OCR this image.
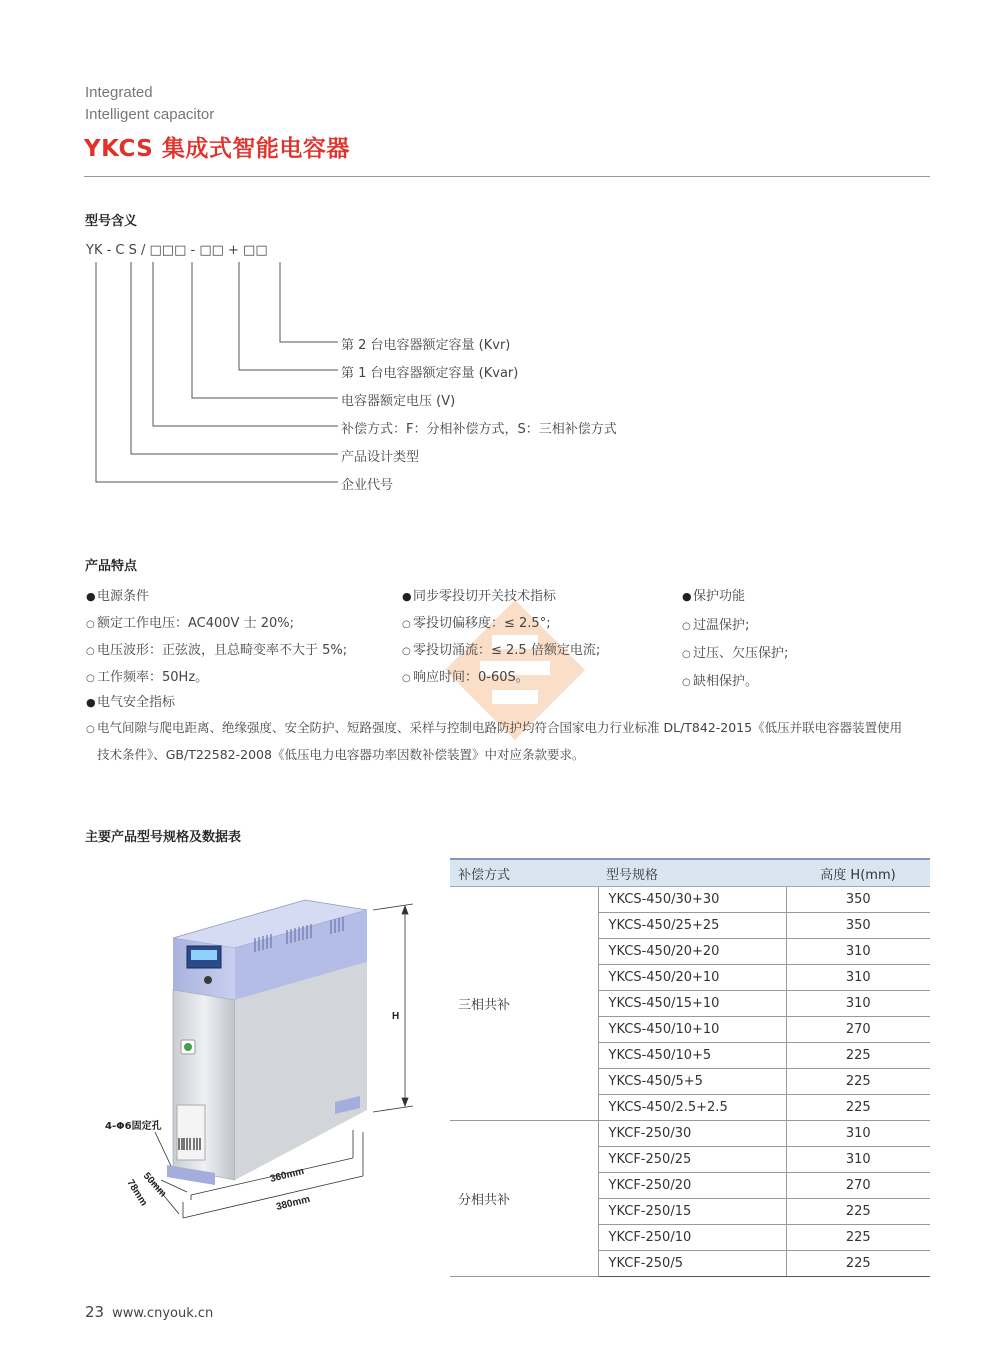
Integrated
Intelligent capacitor
YKCS 集成式智能电容器
型号含义
YK - C S / □□□ - □□ + □□
第 2 台电容器额定容量 (Kvr)
第 1 台电容器额定容量 (Kvar)
电容器额定电压 (V)
补偿方式：F：分相补偿方式，S：三相补偿方式
产品设计类型
企业代号
产品特点
●电源条件
○ 额定工作电压：AC400V 士 20%;
○ 电压波形：正弦波，且总畸变率不大于 5%;
○ 工作频率：50Hz。
●同步零投切开关技术指标
○ 零投切偏移度：≤ 2.5°;
○ 零投切涌流：≤ 2.5 倍额定电流;
○ 响应时间：0-60S。
●保护功能
○ 过温保护;
○ 过压、欠压保护;
○ 缺相保护。
●电气安全指标
○ 电气间隙与爬电距离、绝缘强度、安全防护、短路强度、采样与控制电路防护均符合国家电力行业标准 DL/T842-2015《低压并联电容器装置使用
技术条件》、GB/T22582-2008《低压电力电容器功率因数补偿装置》中对应条款要求。
主要产品型号规格及数据表
H
4-Φ6固定孔
360mm
380mm
50mm
78mm
补偿方式	型号规格	高度 H(mm)
三相共补	YKCS-450/30+30	350
	YKCS-450/25+25	350
	YKCS-450/20+20	310
	YKCS-450/20+10	310
	YKCS-450/15+10	310
	YKCS-450/10+10	270
	YKCS-450/10+5	225
	YKCS-450/5+5	225
	YKCS-450/2.5+2.5	225
分相共补	YKCF-250/30	310
	YKCF-250/25	310
	YKCF-250/20	270
	YKCF-250/15	225
	YKCF-250/10	225
	YKCF-250/5	225
23 www.cnyouk.cn
